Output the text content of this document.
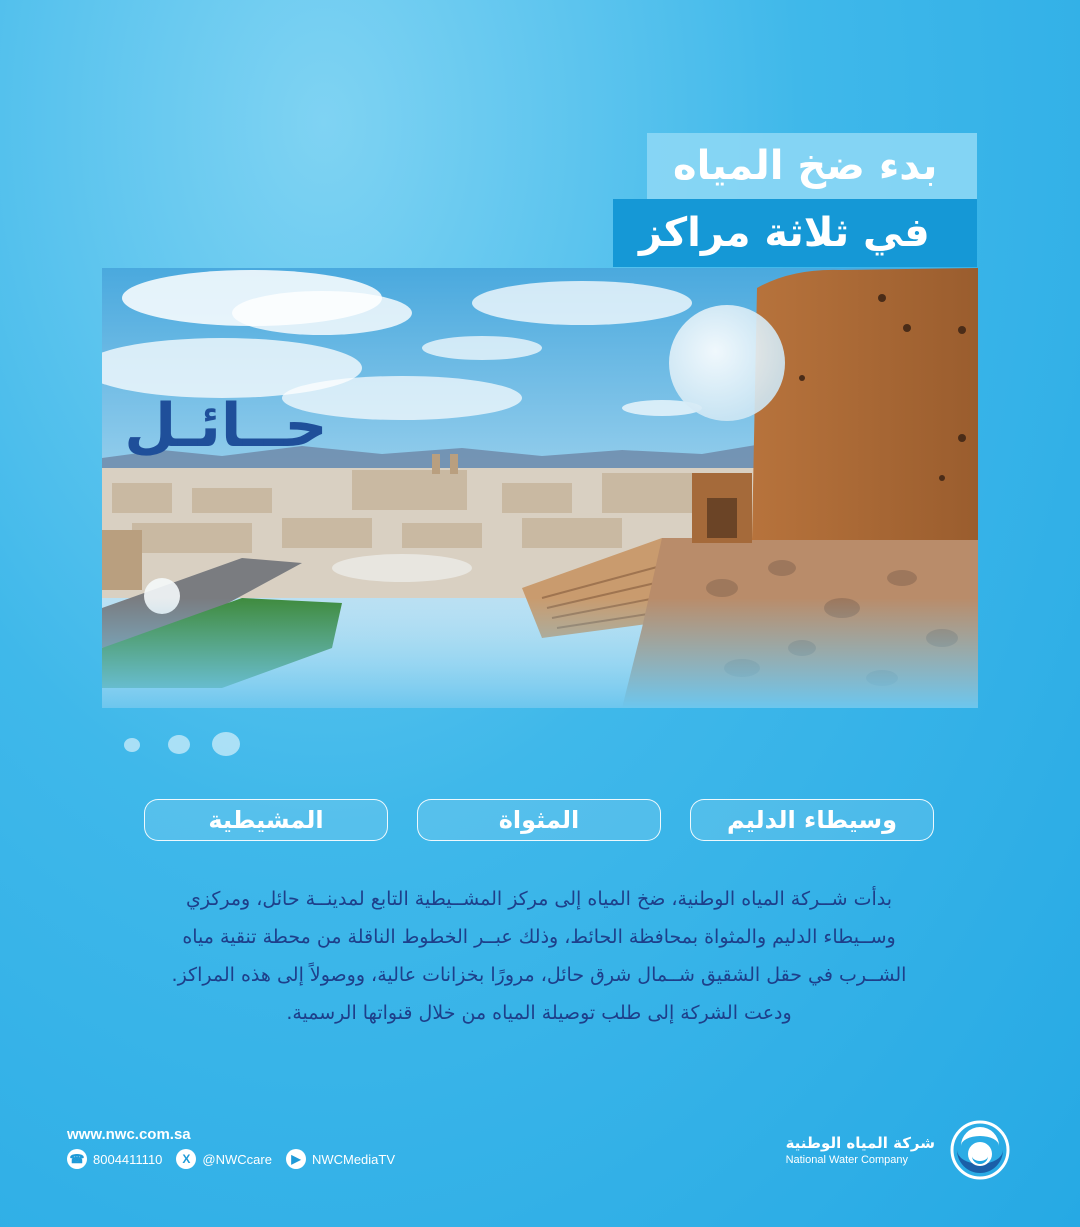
بدء ضخ المياه
في ثلاثة مراكز
حــائـل
وسيطاء الدليم
المثواة
المشيطية
بدأت شــركة المياه الوطنية، ضخ المياه إلى مركز المشــيطية التابع لمدينــة حائل، ومركزي
وســيطاء الدليم والمثواة بمحافظة الحائط، وذلك عبــر الخطوط الناقلة من محطة تنقية مياه
الشــرب في حقل الشقيق شــمال شرق حائل، مرورًا بخزانات عالية، ووصولاً إلى هذه المراكز.
ودعت الشركة إلى طلب توصيلة المياه من خلال قنواتها الرسمية.
www.nwc.com.sa
☎ 8004411110	X @NWCcare	▶ NWCMediaTV
شركة المياه الوطنية
National Water Company
